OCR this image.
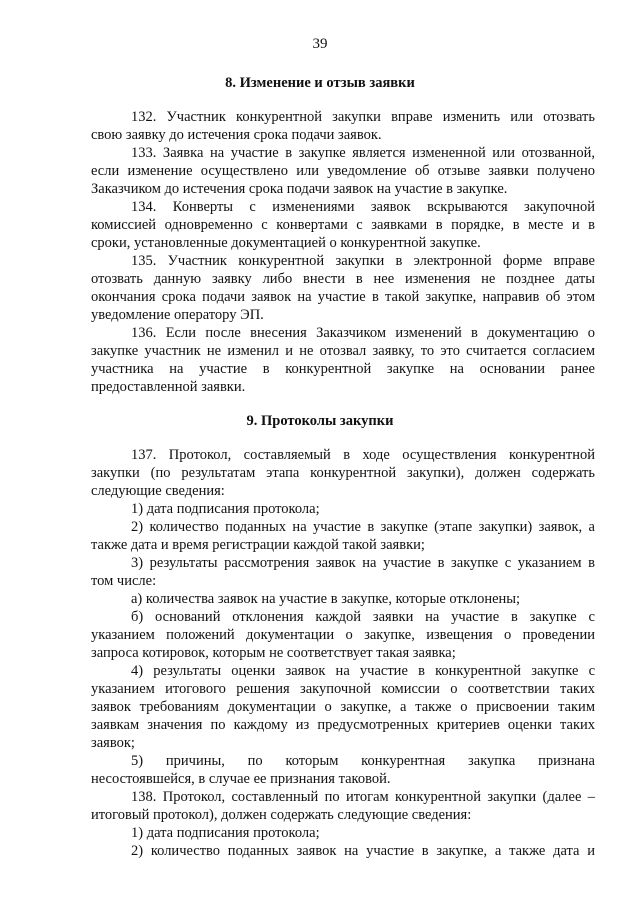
39
8. Изменение и отзыв заявки
132. Участник конкурентной закупки вправе изменить или отозвать
свою заявку до истечения срока подачи заявок.
133. Заявка на участие в закупке является измененной или отозванной,
если изменение осуществлено или уведомление об отзыве заявки получено
Заказчиком до истечения срока подачи заявок на участие в закупке.
134. Конверты с изменениями заявок вскрываются закупочной
комиссией одновременно с конвертами с заявками в порядке, в месте и в
сроки, установленные документацией о конкурентной закупке.
135. Участник конкурентной закупки в электронной форме вправе
отозвать данную заявку либо внести в нее изменения не позднее даты
окончания срока подачи заявок на участие в такой закупке, направив об этом
уведомление оператору ЭП.
136. Если после внесения Заказчиком изменений в документацию о
закупке участник не изменил и не отозвал заявку, то это считается согласием
участника на участие в конкурентной закупке на основании ранее
предоставленной заявки.
9. Протоколы закупки
137. Протокол, составляемый в ходе осуществления конкурентной
закупки (по результатам этапа конкурентной закупки), должен содержать
следующие сведения:
1) дата подписания протокола;
2) количество поданных на участие в закупке (этапе закупки) заявок, а
также дата и время регистрации каждой такой заявки;
3) результаты рассмотрения заявок на участие в закупке с указанием в
том числе:
а) количества заявок на участие в закупке, которые отклонены;
б) оснований отклонения каждой заявки на участие в закупке с
указанием положений документации о закупке, извещения о проведении
запроса котировок, которым не соответствует такая заявка;
4) результаты оценки заявок на участие в конкурентной закупке с
указанием итогового решения закупочной комиссии о соответствии таких
заявок требованиям документации о закупке, а также о присвоении таким
заявкам значения по каждому из предусмотренных критериев оценки таких
заявок;
5) причины, по которым конкурентная закупка признана
несостоявшейся, в случае ее признания таковой.
138. Протокол, составленный по итогам конкурентной закупки (далее –
итоговый протокол), должен содержать следующие сведения:
1) дата подписания протокола;
2) количество поданных заявок на участие в закупке, а также дата и
